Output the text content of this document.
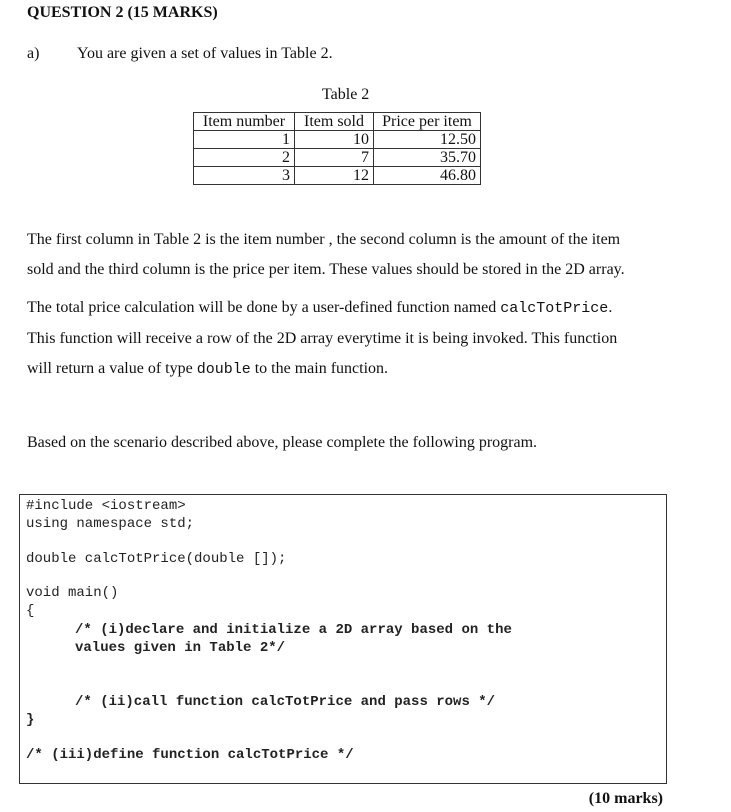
QUESTION 2 (15 MARKS)
a) You are given a set of values in Table 2.
Table 2
Item number	Item sold	Price per item
1	10	12.50
2	7	35.70
3	12	46.80
The first column in Table 2 is the item number , the second column is the amount of the item
sold and the third column is the price per item. These values should be stored in the 2D array.
The total price calculation will be done by a user-defined function named calcTotPrice.
This function will receive a row of the 2D array everytime it is being invoked. This function
will return a value of type double to the main function.
Based on the scenario described above, please complete the following program.
#include <iostream>
using namespace std;
double calcTotPrice(double []);
void main()
{
/* (i)declare and initialize a 2D array based on the
values given in Table 2*/
/* (ii)call function calcTotPrice and pass rows */
}
/* (iii)define function calcTotPrice */
(10 marks)
